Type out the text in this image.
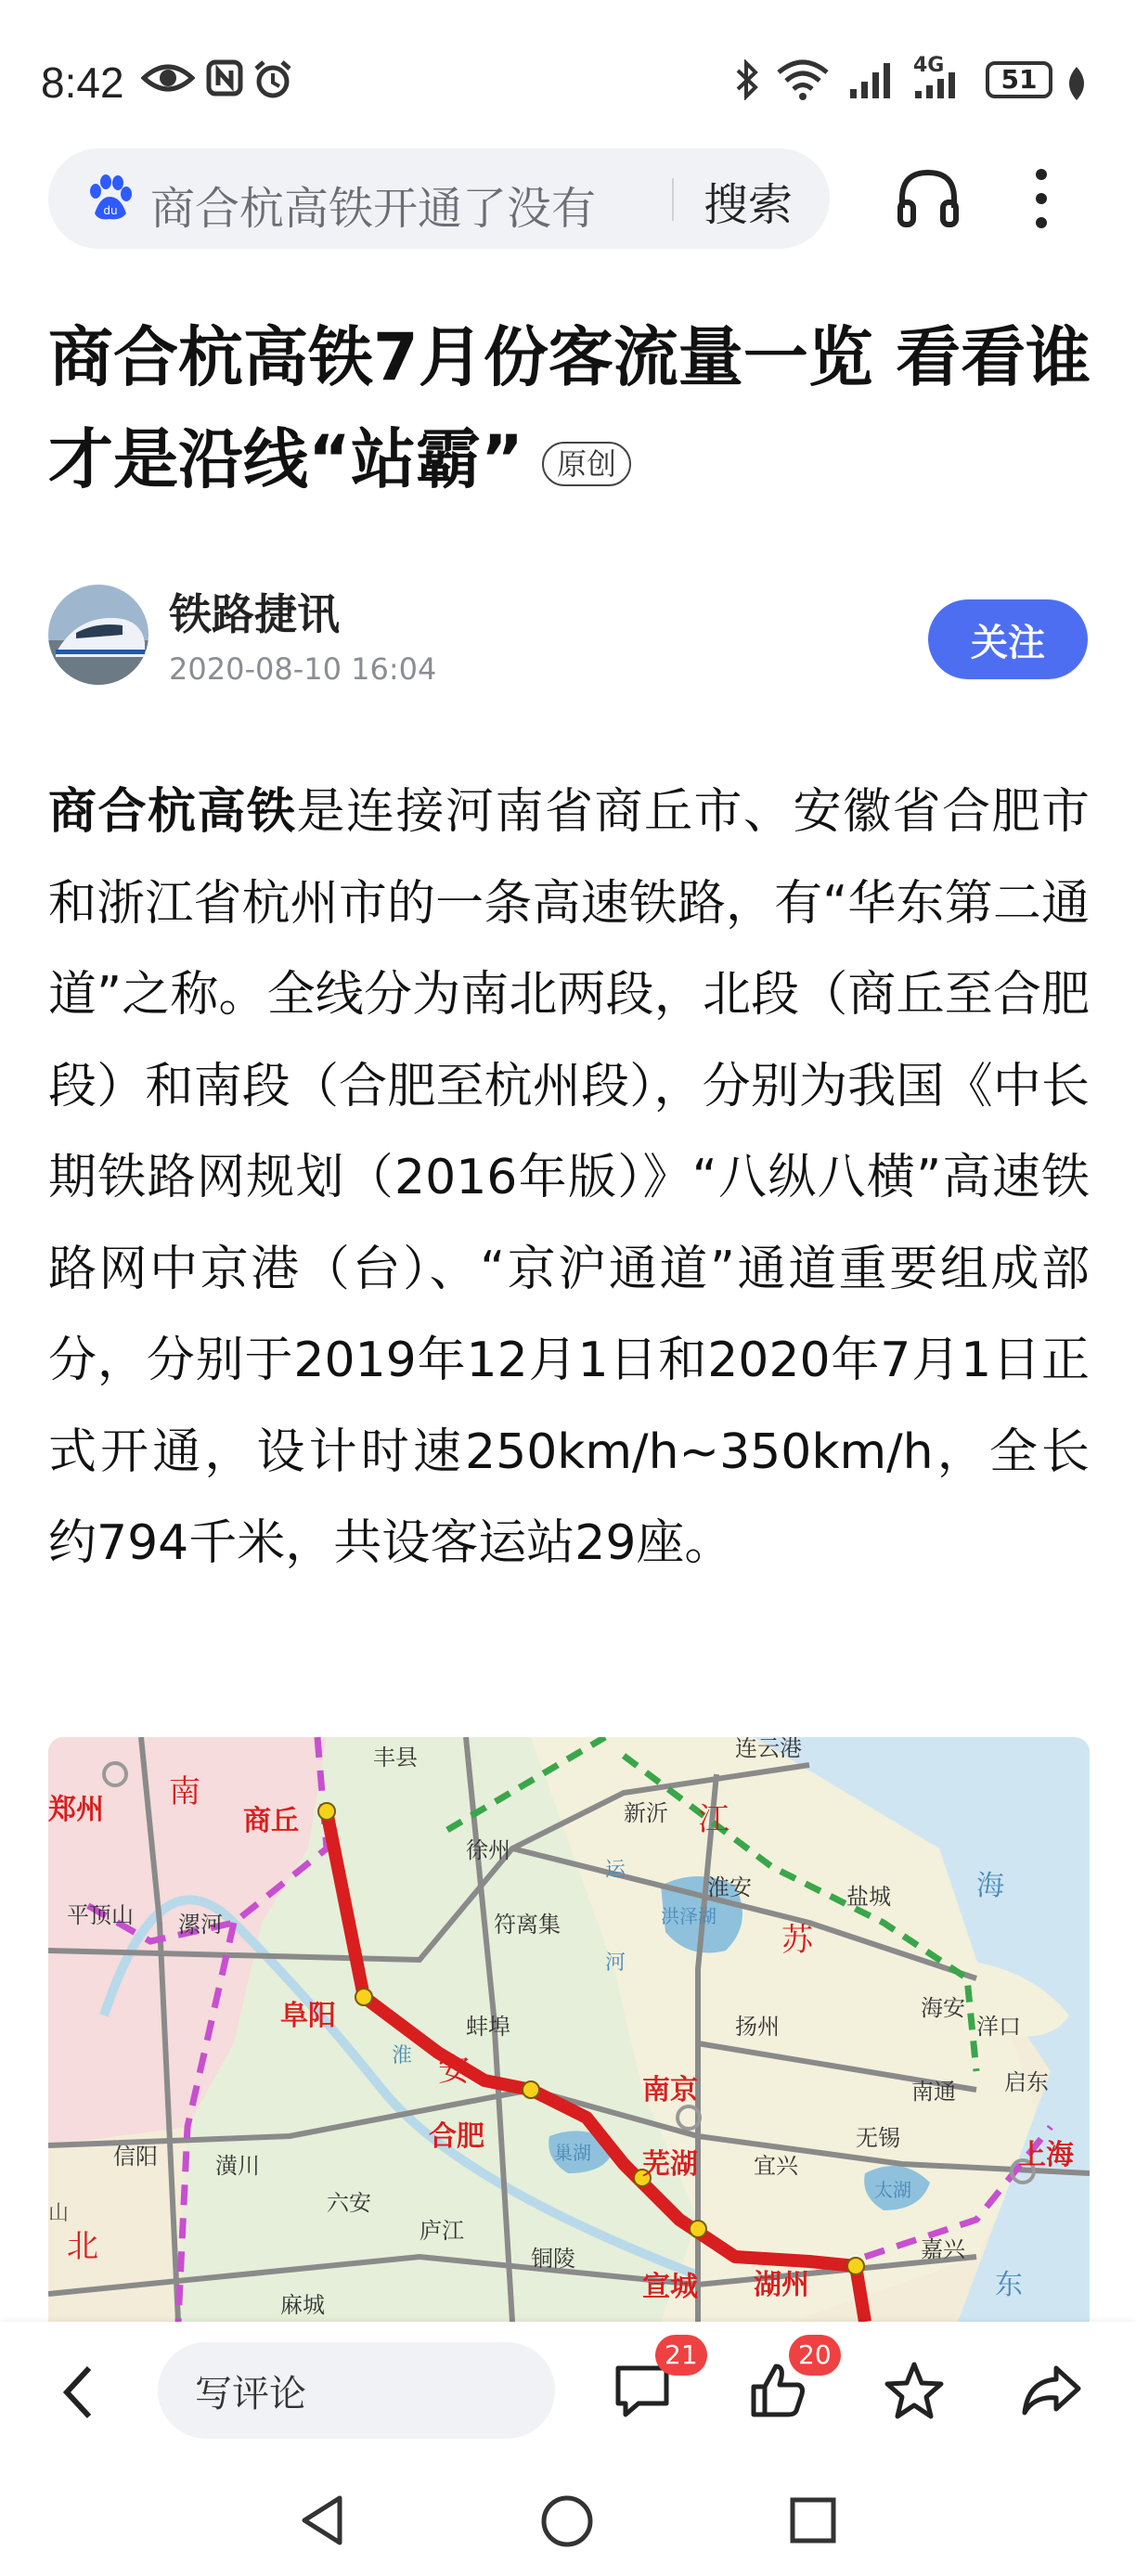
8:42	4G	51
du 商合杭高铁开通了没有 搜索
商合杭高铁7月份客流量一览 看看谁才是沿线“站霸” 原创
铁路捷讯
2020-08-10 16:04
关注
商合杭高铁是连接河南省商丘市、安徽省合肥市和浙江省杭州市的一条高速铁路，有“华东第二通道”之称。全线分为南北两段，北段（商丘至合肥段）和南段（合肥至杭州段），分别为我国《中长期铁路网规划（2016年版）》“八纵八横”高速铁路网中京港（台）、“京沪通道”通道重要组成部分，分别于2019年12月1日和2020年7月1日正式开通，设计时速250km/h~350km/h，全长约794千米，共设客运站29座。
郑州	商丘
阜阳
合肥
芜湖
宣城 湖州
南京
上海
丰县
徐州
新沂
连云港
淮安	盐城
符离集
平顶山 漯河
蚌埠	扬州
海安
洋口
南通 启东
信阳	潢川
六安
宜兴
无锡
庐江
铜陵	嘉兴
麻城
南
安
江
苏
北
东
海
淮
河
山
运
洪泽湖
太湖
巢湖
写评论
21	20
